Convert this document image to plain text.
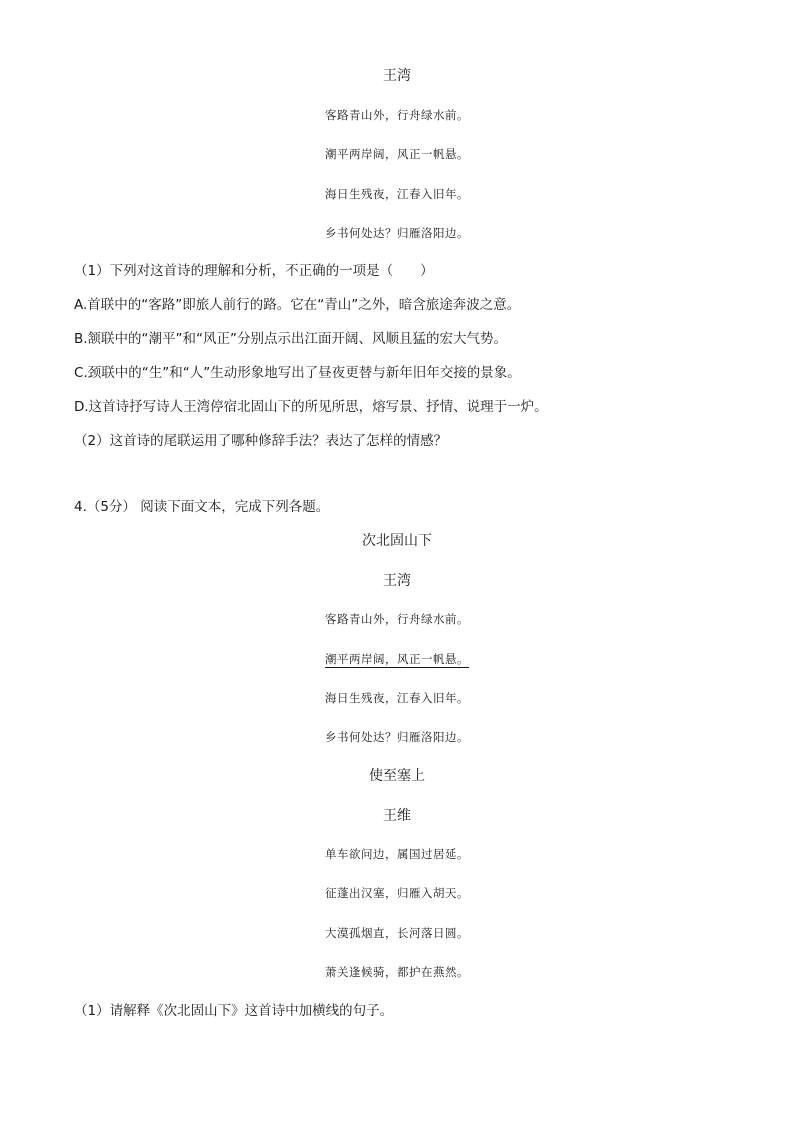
王湾
客路青山外，行舟绿水前。
潮平两岸阔，风正一帆悬。
海日生残夜，江春入旧年。
乡书何处达？归雁洛阳边。
（1）下列对这首诗的理解和分析，不正确的一项是（　　）
A.首联中的“客路”即旅人前行的路。它在“青山”之外，暗含旅途奔波之意。
B.颔联中的“潮平”和“风正”分别点示出江面开阔、风顺且猛的宏大气势。
C.颈联中的“生”和“人”生动形象地写出了昼夜更替与新年旧年交接的景象。
D.这首诗抒写诗人王湾停宿北固山下的所见所思，熔写景、抒情、说理于一炉。
（2）这首诗的尾联运用了哪种修辞手法？表达了怎样的情感？
4.（5分） 阅读下面文本，完成下列各题。
次北固山下
王湾
客路青山外，行舟绿水前。
潮平两岸阔，风正一帆悬。
海日生残夜，江春入旧年。
乡书何处达？归雁洛阳边。
使至塞上
王维
单车欲问边，属国过居延。
征蓬出汉塞，归雁入胡天。
大漠孤烟直，长河落日圆。
萧关逢候骑，都护在燕然。
（1）请解释《次北固山下》这首诗中加横线的句子。
